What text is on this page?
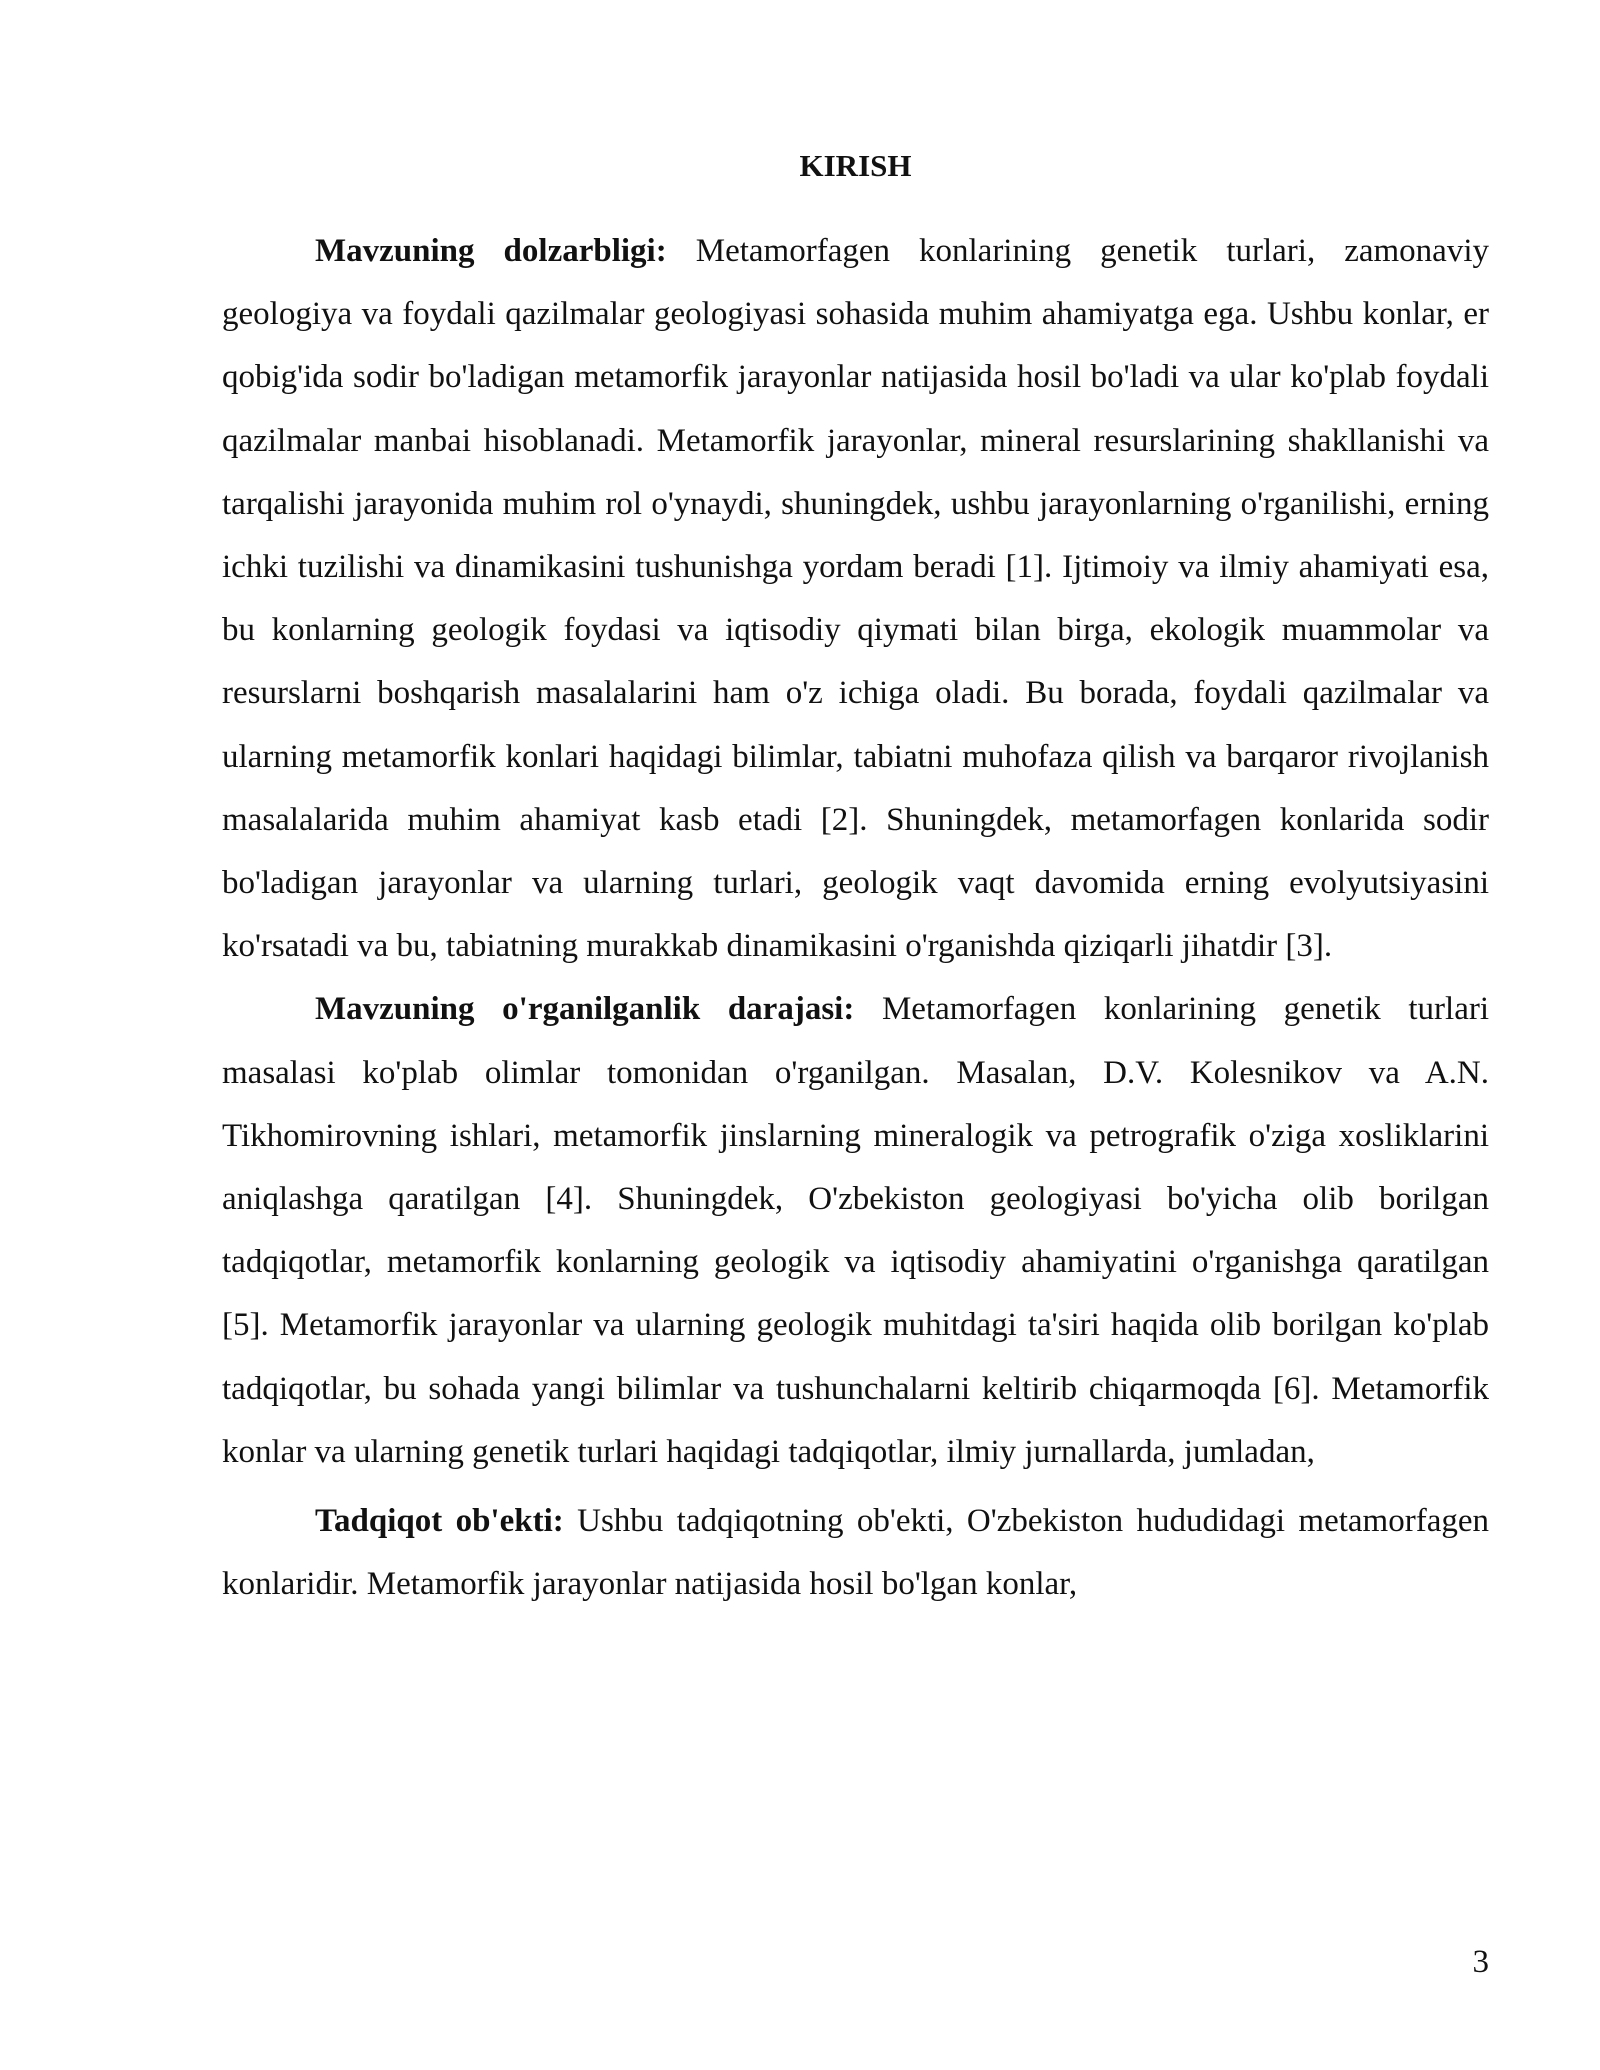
KIRISH

Mavzuning dolzarbligi: Metamorfagen konlarining genetik turlari, zamonaviy geologiya va foydali qazilmalar geologiyasi sohasida muhim ahamiyatga ega. Ushbu konlar, er qobig'ida sodir bo'ladigan metamorfik jarayonlar natijasida hosil bo'ladi va ular ko'plab foydali qazilmalar manbai hisoblanadi. Metamorfik jarayonlar, mineral resurslarining shakllanishi va tarqalishi jarayonida muhim rol o'ynaydi, shuningdek, ushbu jarayonlarning o'rganilishi, erning ichki tuzilishi va dinamikasini tushunishga yordam beradi [1]. Ijtimoiy va ilmiy ahamiyati esa, bu konlarning geologik foydasi va iqtisodiy qiymati bilan birga, ekologik muammolar va resurslarni boshqarish masalalarini ham o'z ichiga oladi. Bu borada, foydali qazilmalar va ularning metamorfik konlari haqidagi bilimlar, tabiatni muhofaza qilish va barqaror rivojlanish masalalarida muhim ahamiyat kasb etadi [2]. Shuningdek, metamorfagen konlarida sodir bo'ladigan jarayonlar va ularning turlari, geologik vaqt davomida erning evolyutsiyasini ko'rsatadi va bu, tabiatning murakkab dinamikasini o'rganishda qiziqarli jihatdir [3].

Mavzuning o'rganilganlik darajasi: Metamorfagen konlarining genetik turlari masalasi ko'plab olimlar tomonidan o'rganilgan. Masalan, D.V. Kolesnikov va A.N. Tikhomirovning ishlari, metamorfik jinslarning mineralogik va petrografik o'ziga xosliklarini aniqlashga qaratilgan [4]. Shuningdek, O'zbekiston geologiyasi bo'yicha olib borilgan tadqiqotlar, metamorfik konlarning geologik va iqtisodiy ahamiyatini o'rganishga qaratilgan [5]. Metamorfik jarayonlar va ularning geologik muhitdagi ta'siri haqida olib borilgan ko'plab tadqiqotlar, bu sohada yangi bilimlar va tushunchalarni keltirib chiqarmoqda [6]. Metamorfik konlar va ularning genetik turlari haqidagi tadqiqotlar, ilmiy jurnallarda, jumladan,

Tadqiqot ob'ekti: Ushbu tadqiqotning ob'ekti, O'zbekiston hududidagi metamorfagen konlaridir. Metamorfik jarayonlar natijasida hosil bo'lgan konlar,

3
